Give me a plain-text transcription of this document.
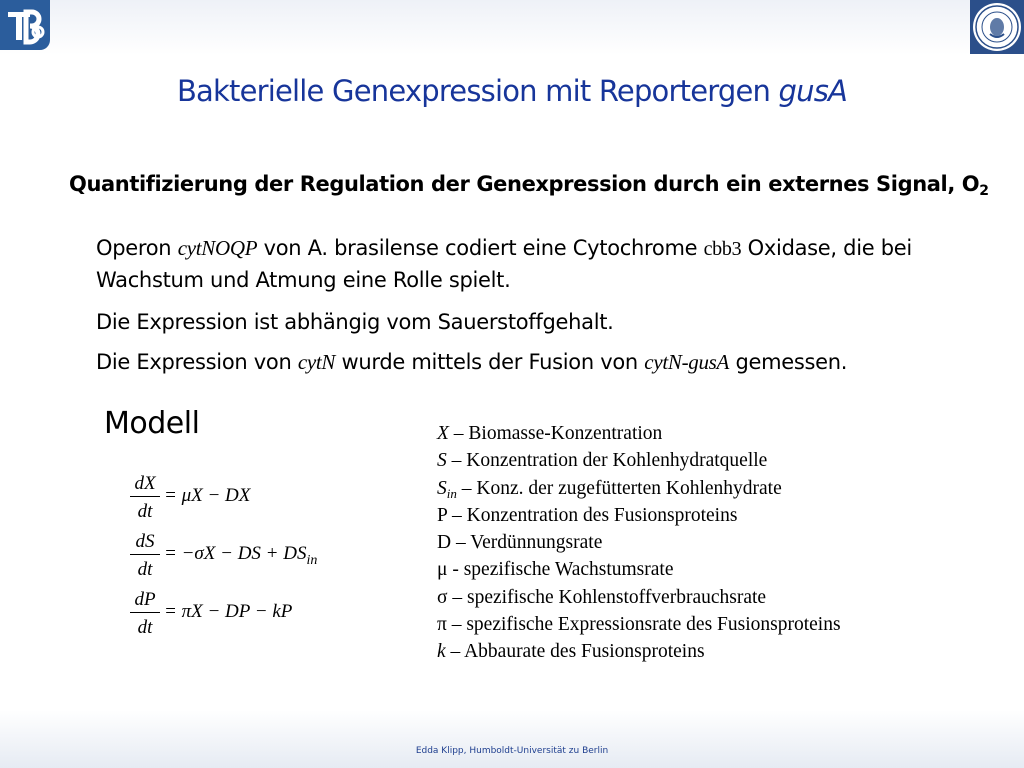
Bakterielle Genexpression mit Reportergen gusA
Quantifizierung der Regulation der Genexpression durch ein externes Signal, $O_2$
Operon cytNOQP von A. brasilense codiert eine Cytochrome cbb3 Oxidase, die bei Wachstum und Atmung eine Rolle spielt.
Die Expression ist abhängig vom Sauerstoffgehalt.
Die Expression von cytN wurde mittels der Fusion von cytN-gusA gemessen.
Modell
$\frac{dX}{dt} = \mu X$ − DX
$\frac{dS}{dt} = -\sigma X$ − DS + $DS_{in}$
$\frac{dP}{dt} = \pi X$ − DP − kP
X – Biomasse-Konzentration
S – Konzentration der Kohlenhydratquelle
$S_{in}$ – Konz. der zugefütterten Kohlenhydrate
P – Konzentration des Fusionsproteins
D – Verdünnungsrate
μ - spezifische Wachstumsrate
σ – spezifische Kohlenstoffverbrauchsrate
π – spezifische Expressionsrate des Fusionsproteins
k – Abbaurate des Fusionsproteins
Edda Klipp, Humboldt-Universität zu Berlin
